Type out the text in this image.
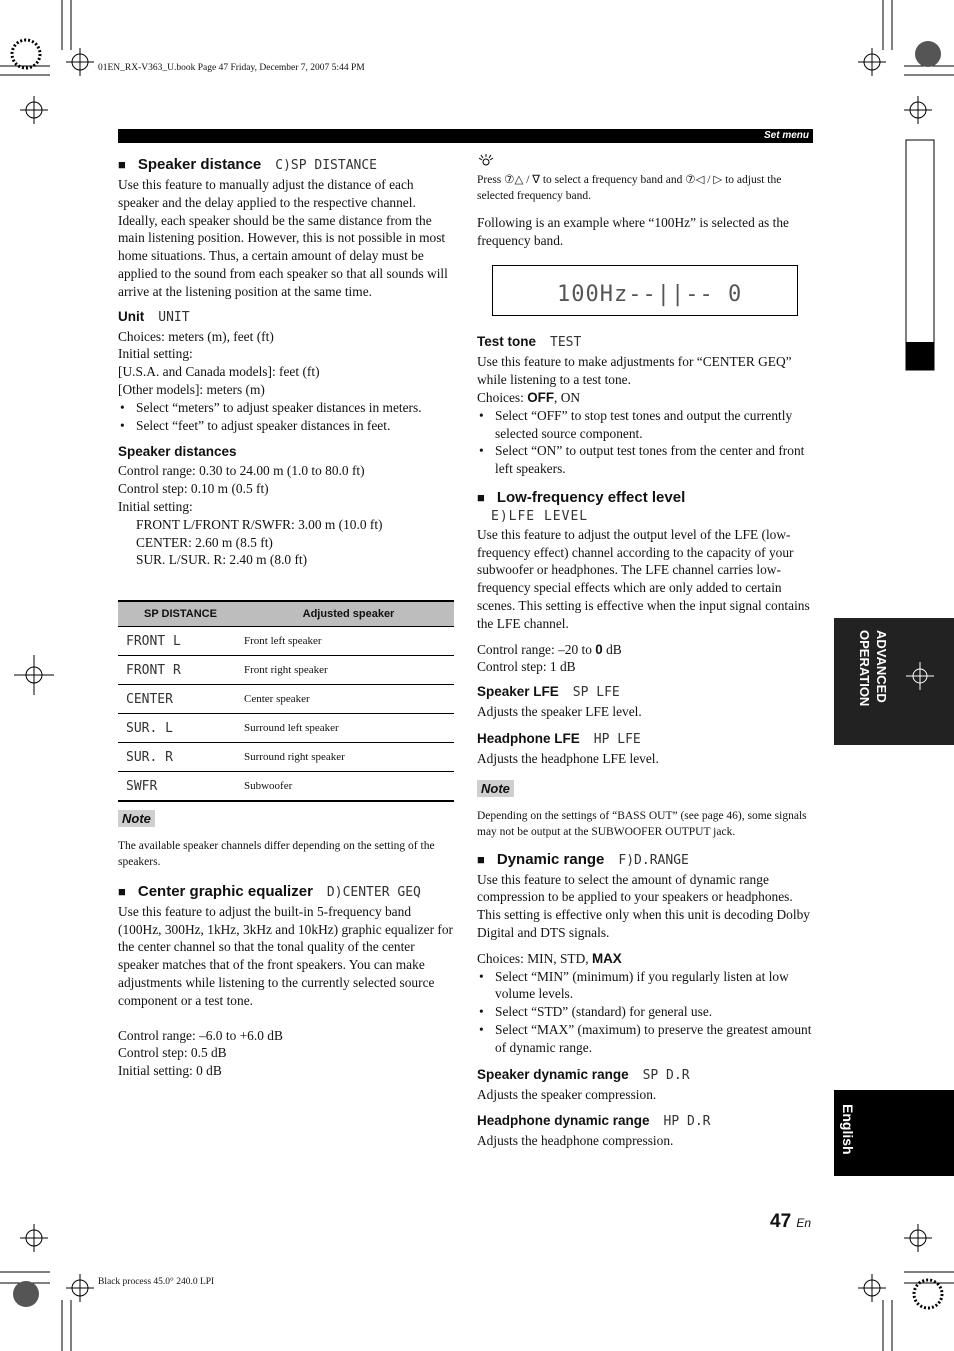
01EN_RX-V363_U.book Page 47 Friday, December 7, 2007 5:44 PM
Set menu

■ Speaker distance C)SP DISTANCE

Use this feature to manually adjust the distance of each speaker and the delay applied to the respective channel. Ideally, each speaker should be the same distance from the main listening position. However, this is not possible in most home situations. Thus, a certain amount of delay must be applied to the sound from each speaker so that all sounds will arrive at the listening position at the same time.

Unit UNIT

Choices: meters (m), feet (ft)

Initial setting:

[U.S.A. and Canada models]: feet (ft)

[Other models]: meters (m)

• Select “meters” to adjust speaker distances in meters.
• Select “feet” to adjust speaker distances in feet.

Speaker distances

Control range: 0.30 to 24.00 m (1.0 to 80.0 ft)

Control step: 0.10 m (0.5 ft)

Initial setting:

FRONT L/FRONT R/SWFR: 3.00 m (10.0 ft)

CENTER: 2.60 m (8.5 ft)

SUR. L/SUR. R: 2.40 m (8.0 ft)

SP DISTANCE	Adjusted speaker
FRONT L	Front left speaker
FRONT R	Front right speaker
CENTER	Center speaker
SUR. L	Surround left speaker
SUR. R	Surround right speaker
SWFR	Subwoofer
Note

The available speaker channels differ depending on the setting of the speakers.

■ Center graphic equalizer D)CENTER GEQ

Use this feature to adjust the built-in 5-frequency band (100Hz, 300Hz, 1kHz, 3kHz and 10kHz) graphic equalizer for the center channel so that the tonal quality of the center speaker matches that of the front speakers. You can make adjustments while listening to the currently selected source component or a test tone.

Control range: –6.0 to +6.0 dB

Control step: 0.5 dB

Initial setting: 0 dB

Press ⑦△ / ∇ to select a frequency band and ⑦◁ / ▷ to adjust the selected frequency band.

Following is an example where “100Hz” is selected as the frequency band.

100Hz--||-- 0

Test tone TEST

Use this feature to make adjustments for “CENTER GEQ” while listening to a test tone.

Choices: OFF, ON

• Select “OFF” to stop test tones and output the currently selected source component.
• Select “ON” to output test tones from the center and front left speakers.

■ Low-frequency effect level

E)LFE LEVEL

Use this feature to adjust the output level of the LFE (low-frequency effect) channel according to the capacity of your subwoofer or headphones. The LFE channel carries low-frequency special effects which are only added to certain scenes. This setting is effective when the input signal contains the LFE channel.

Control range: –20 to 0 dB

Control step: 1 dB

Speaker LFE SP LFE

Adjusts the speaker LFE level.

Headphone LFE HP LFE

Adjusts the headphone LFE level.

Note

Depending on the settings of “BASS OUT” (see page 46), some signals may not be output at the SUBWOOFER OUTPUT jack.

■ Dynamic range F)D.RANGE

Use this feature to select the amount of dynamic range compression to be applied to your speakers or headphones. This setting is effective only when this unit is decoding Dolby Digital and DTS signals.

Choices: MIN, STD, MAX

• Select “MIN” (minimum) if you regularly listen at low volume levels.
• Select “STD” (standard) for general use.
• Select “MAX” (maximum) to preserve the greatest amount of dynamic range.

Speaker dynamic range SP D.R

Adjusts the speaker compression.

Headphone dynamic range HP D.R

Adjusts the headphone compression.

ADVANCED OPERATION
English
47 En
Black process 45.0° 240.0 LPI
